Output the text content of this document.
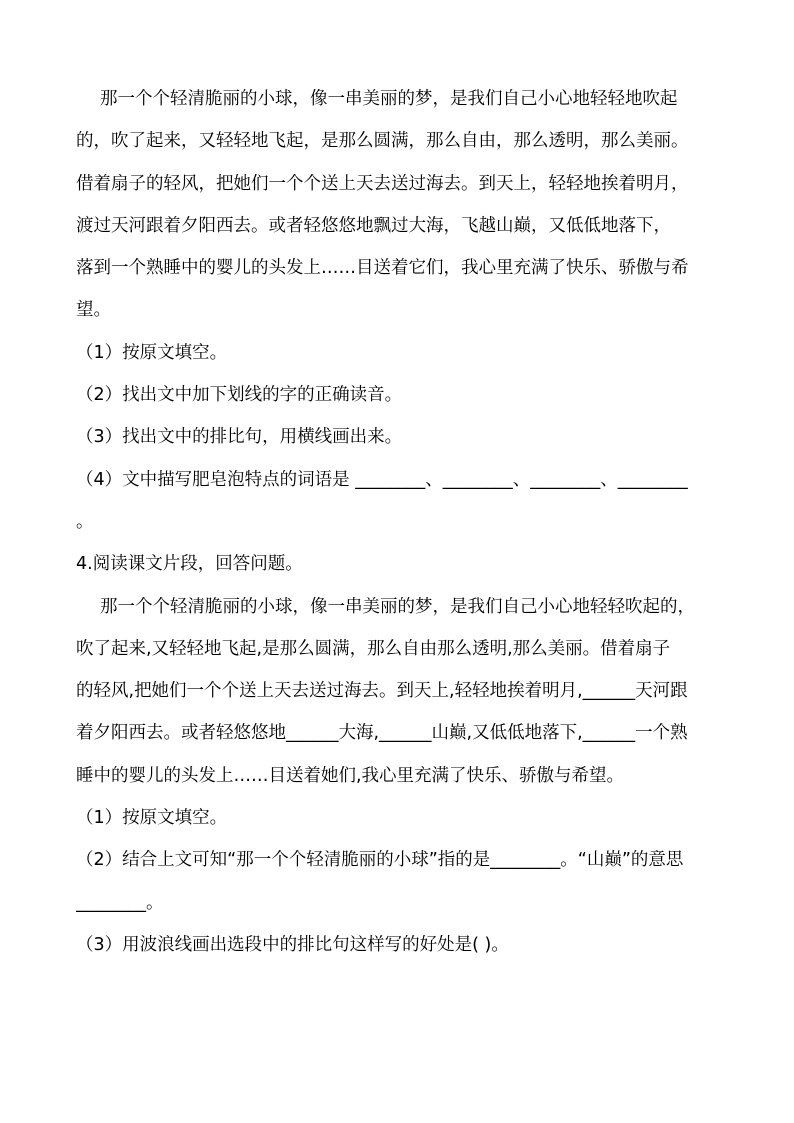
那一个个轻清脆丽的小球，像一串美丽的梦，是我们自己小心地轻轻地吹起
的，吹了起来，又轻轻地飞起，是那么圆满，那么自由，那么透明，那么美丽。
借着扇子的轻风，把她们一个个送上天去送过海去。到天上，轻轻地挨着明月，
渡过天河跟着夕阳西去。或者轻悠悠地飘过大海，飞越山巅，又低低地落下，
落到一个熟睡中的婴儿的头发上……目送着它们，我心里充满了快乐、骄傲与希
望。
（1）按原文填空。
（2）找出文中加下划线的字的正确读音。
（3）找出文中的排比句，用横线画出来。
（4）文中描写肥皂泡特点的词语是 ________、________、________、________
。
4.阅读课文片段，回答问题。
那一个个轻清脆丽的小球，像一串美丽的梦，是我们自己小心地轻轻吹起的，
吹了起来,又轻轻地飞起,是那么圆满，那么自由那么透明,那么美丽。借着扇子
的轻风,把她们一个个送上天去送过海去。到天上,轻轻地挨着明月,______天河跟
着夕阳西去。或者轻悠悠地______大海,______山巅,又低低地落下,______一个熟
睡中的婴儿的头发上……目送着她们,我心里充满了快乐、骄傲与希望。
（1）按原文填空。
（2）结合上文可知“那一个个轻清脆丽的小球”指的是________。“山巅”的意思
________。
（3）用波浪线画出选段中的排比句这样写的好处是( )。
